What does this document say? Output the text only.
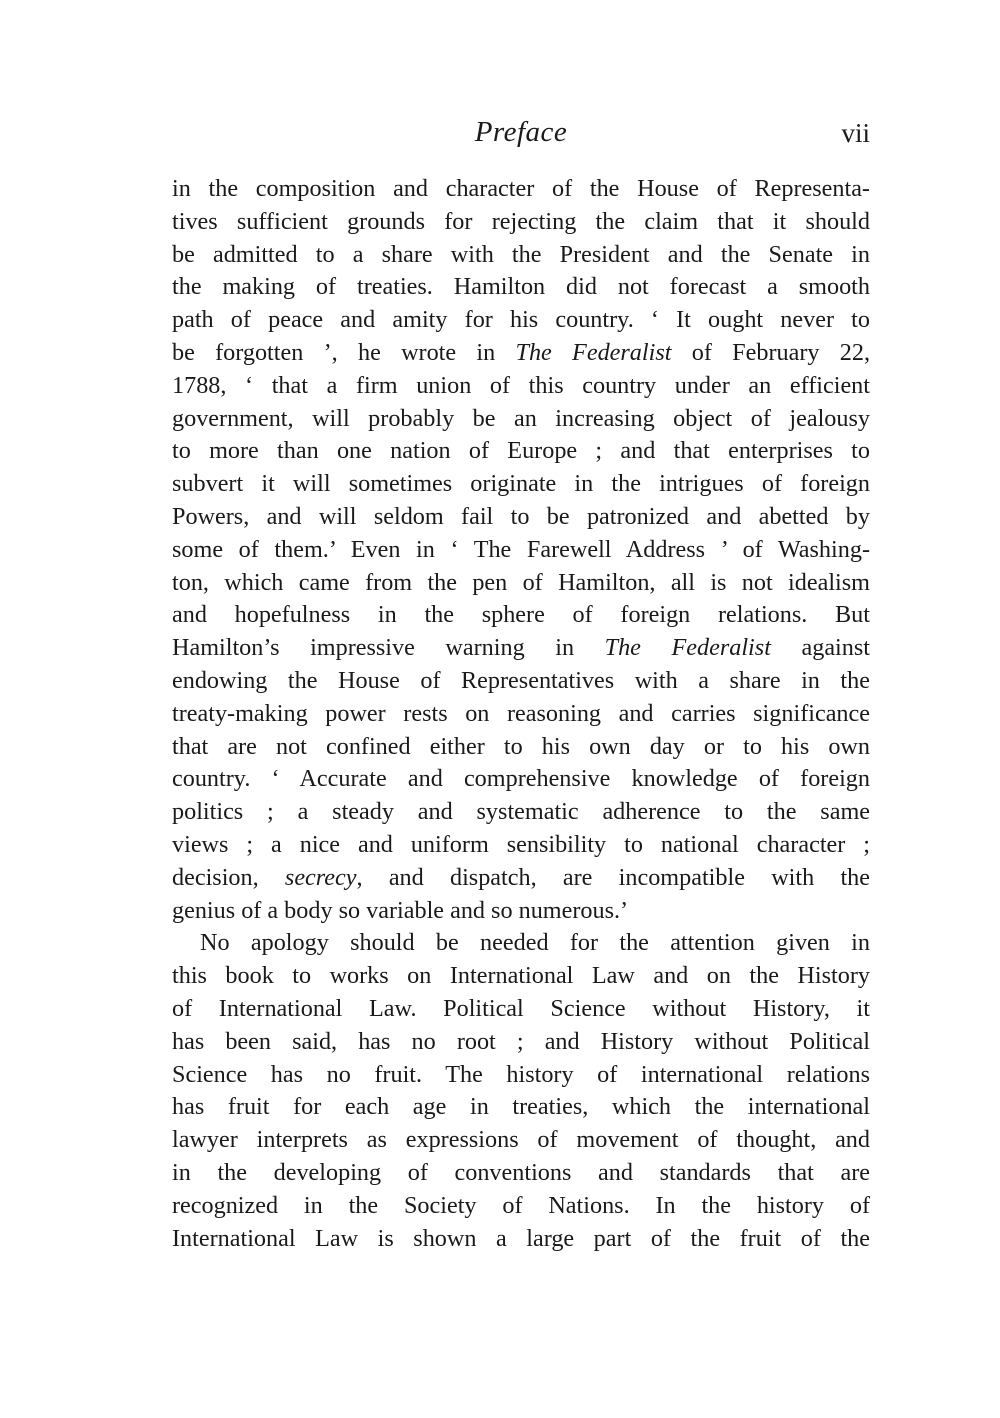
Preface	vii
in the composition and character of the House of Representa-
tives sufficient grounds for rejecting the claim that it should
be admitted to a share with the President and the Senate in
the making of treaties. Hamilton did not forecast a smooth
path of peace and amity for his country. ‘ It ought never to
be forgotten ’, he wrote in The Federalist of February 22,
1788, ‘ that a firm union of this country under an efficient
government, will probably be an increasing object of jealousy
to more than one nation of Europe ; and that enterprises to
subvert it will sometimes originate in the intrigues of foreign
Powers, and will seldom fail to be patronized and abetted by
some of them.’ Even in ‘ The Farewell Address ’ of Washing-
ton, which came from the pen of Hamilton, all is not idealism
and hopefulness in the sphere of foreign relations. But
Hamilton’s impressive warning in The Federalist against
endowing the House of Representatives with a share in the
treaty-making power rests on reasoning and carries significance
that are not confined either to his own day or to his own
country. ‘ Accurate and comprehensive knowledge of foreign
politics ; a steady and systematic adherence to the same
views ; a nice and uniform sensibility to national character ;
decision, secrecy, and dispatch, are incompatible with the
genius of a body so variable and so numerous.’
No apology should be needed for the attention given in
this book to works on International Law and on the History
of International Law. Political Science without History, it
has been said, has no root ; and History without Political
Science has no fruit. The history of international relations
has fruit for each age in treaties, which the international
lawyer interprets as expressions of movement of thought, and
in the developing of conventions and standards that are
recognized in the Society of Nations. In the history of
International Law is shown a large part of the fruit of the
